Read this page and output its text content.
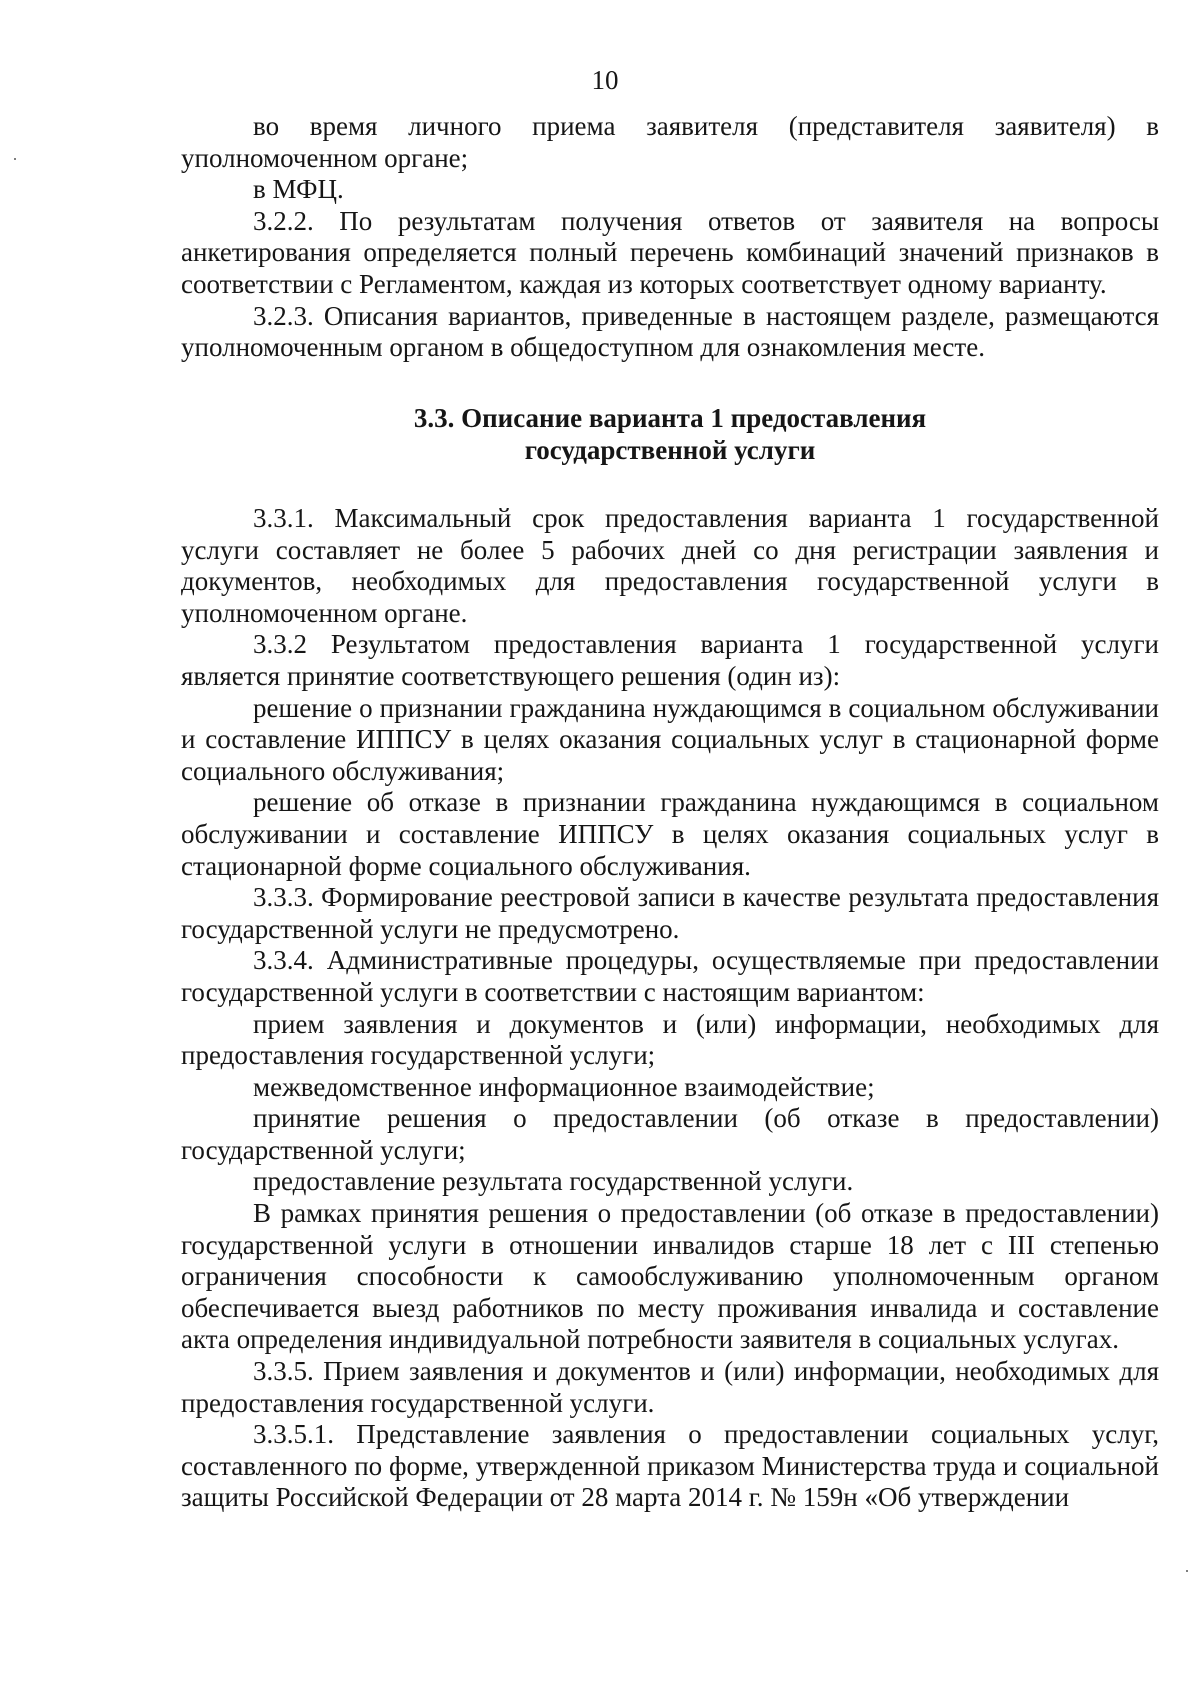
10

во время личного приема заявителя (представителя заявителя) в уполномоченном органе;

в МФЦ.

3.2.2. По результатам получения ответов от заявителя на вопросы анкетирования определяется полный перечень комбинаций значений признаков в соответствии с Регламентом, каждая из которых соответствует одному варианту.

3.2.3. Описания вариантов, приведенные в настоящем разделе, размещаются уполномоченным органом в общедоступном для ознакомления месте.

3.3. Описание варианта 1 предоставления
государственной услуги

3.3.1. Максимальный срок предоставления варианта 1 государственной услуги составляет не более 5 рабочих дней со дня регистрации заявления и документов, необходимых для предоставления государственной услуги в уполномоченном органе.

3.3.2 Результатом предоставления варианта 1 государственной услуги является принятие соответствующего решения (один из):

решение о признании гражданина нуждающимся в социальном обслуживании и составление ИППСУ в целях оказания социальных услуг в стационарной форме социального обслуживания;

решение об отказе в признании гражданина нуждающимся в социальном обслуживании и составление ИППСУ в целях оказания социальных услуг в стационарной форме социального обслуживания.

3.3.3. Формирование реестровой записи в качестве результата предоставления государственной услуги не предусмотрено.

3.3.4. Административные процедуры, осуществляемые при предоставлении государственной услуги в соответствии с настоящим вариантом:

прием заявления и документов и (или) информации, необходимых для предоставления государственной услуги;

межведомственное информационное взаимодействие;

принятие решения о предоставлении (об отказе в предоставлении) государственной услуги;

предоставление результата государственной услуги.

В рамках принятия решения о предоставлении (об отказе в предоставлении) государственной услуги в отношении инвалидов старше 18 лет с III степенью ограничения способности к самообслуживанию уполномоченным органом обеспечивается выезд работников по месту проживания инвалида и составление акта определения индивидуальной потребности заявителя в социальных услугах.

3.3.5. Прием заявления и документов и (или) информации, необходимых для предоставления государственной услуги.

3.3.5.1. Представление заявления о предоставлении социальных услуг, составленного по форме, утвержденной приказом Министерства труда и социальной защиты Российской Федерации от 28 марта 2014 г. № 159н «Об утверждении
